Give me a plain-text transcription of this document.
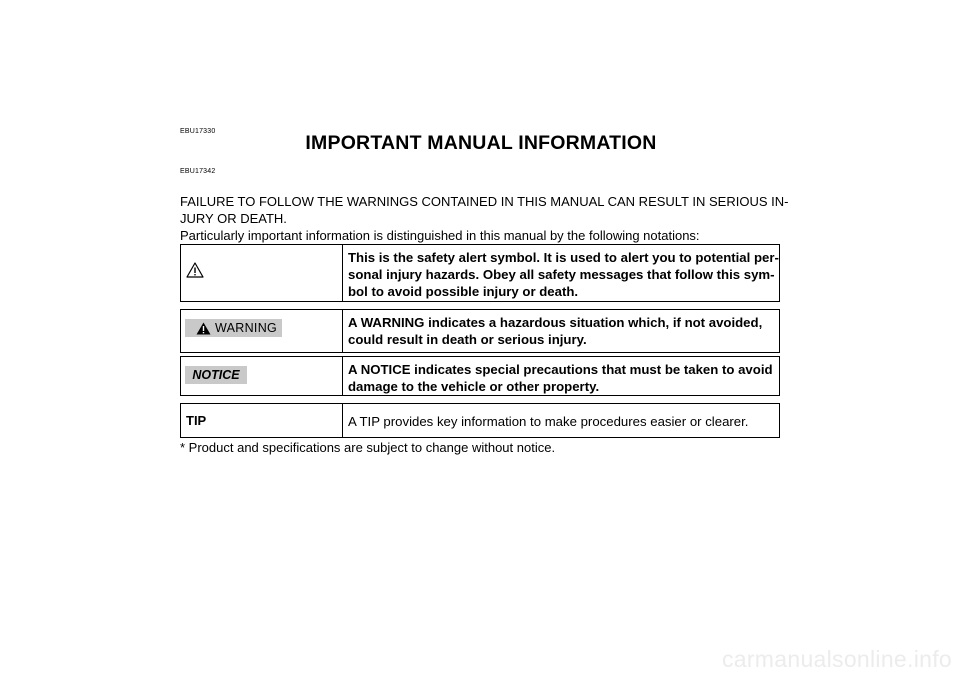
EBU17330
IMPORTANT MANUAL INFORMATION
EBU17342
FAILURE TO FOLLOW THE WARNINGS CONTAINED IN THIS MANUAL CAN RESULT IN SERIOUS IN-
JURY OR DEATH.
Particularly important information is distinguished in this manual by the following notations:
This is the safety alert symbol. It is used to alert you to potential per-
sonal injury hazards. Obey all safety messages that follow this sym-
bol to avoid possible injury or death.
WARNING	A WARNING indicates a hazardous situation which, if not avoided,
could result in death or serious injury.
NOTICE	A NOTICE indicates special precautions that must be taken to avoid
damage to the vehicle or other property.
TIP	A TIP provides key information to make procedures easier or clearer.
* Product and specifications are subject to change without notice.
carmanualsonline.info
